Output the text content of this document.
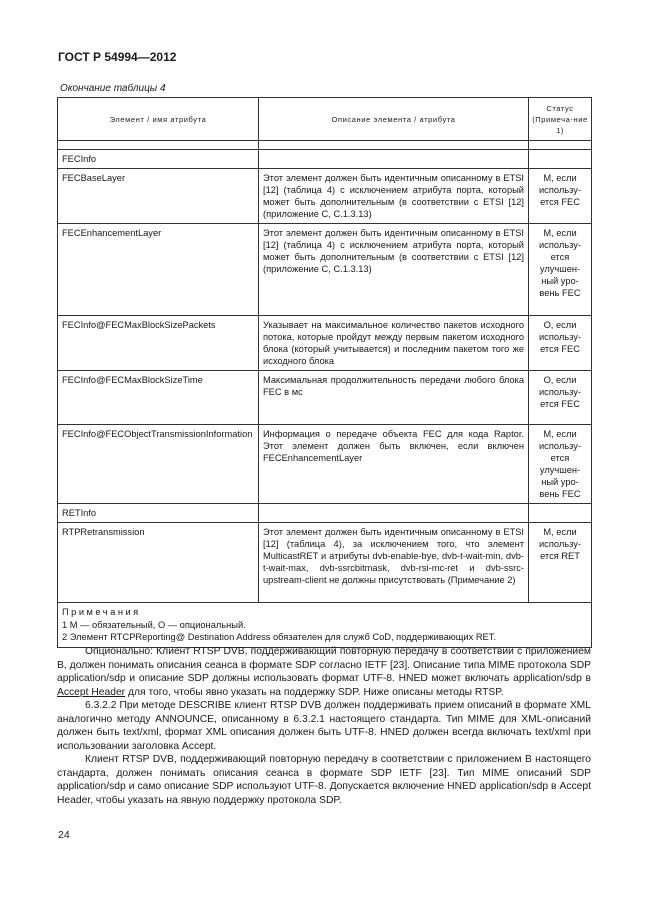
ГОСТ Р 54994—2012
Окончание таблицы 4
Элемент / имя атрибута	Описание элемента / атрибута	Статус (Примеча-ние 1)

FECInfo		
FECBaseLayer	Этот элемент должен быть идентичным описанному в ETSI [12] (таблица 4) с исключением атрибута порта, который может быть дополнительным (в соответствии с ETSI [12] (приложение С, С.1.3.13)	M, если использу-ется FEC
FECEnhancementLayer	Этот элемент должен быть идентичным описанному в ETSI [12] (таблица 4) с исключением атрибута порта, который может быть дополнительным (в соответствии с ETSI [12] (приложение С, С.1.3.13)	M, если использу-ется улучшен-ный уро-вень FEC
FECInfo@FECMaxBlockSizePackets	Указывает на максимальное количество пакетов исходного потока, которые пройдут между первым пакетом исходного блока (который учитывается) и последним пакетом того же исходного блока	О, если использу-ется FEC
FECInfo@FECMaxBlockSizeTime	Максимальная продолжительность передачи любого блока FEC в мс	О, если использу-ется FEC
FECInfo@FECObjectTransmissionInformation	Информация о передаче объекта FEC для кода Raptor. Этот элемент должен быть включен, если включен FECEnhancementLayer	M, если использу-ется улучшен-ный уро-вень FEC
RETInfo		
RTPRetransmission	Этот элемент должен быть идентичным описанному в ETSI [12] (таблица 4), за исключением того, что элемент MulticastRET и атрибуты dvb-enable-bye, dvb-t-wait-min, dvb-t-wait-max, dvb-ssrcbitmask, dvb-rsi-mc-ret и dvb-ssrc-upstream-client не должны присутствовать (Примечание 2)	M, если использу-ется RET

Примечания
1 M — обязательный, O — опциональный.
2 Элемент RTCPReporting@ Destination Address обязателен для служб CoD, поддерживающих RET.		

Опционально: Клиент RTSP DVB, поддерживающий повторную передачу в соответствии с приложением В, должен понимать описания сеанса в формате SDP согласно IETF [23]. Описание типа MIME протокола SDP application/sdp и описание SDP должны использовать формат UTF-8. HNED может включать application/sdp в Accept Header для того, чтобы явно указать на поддержку SDP. Ниже описаны методы RTSP.

6.3.2.2 При методе DESCRIBE клиент RTSP DVB должен поддерживать прием описаний в формате XML аналогично методу ANNOUNCE, описанному в 6.3.2.1 настоящего стандарта. Тип MIME для XML-описаний должен быть text/xml, формат XML описания должен быть UTF-8. HNED должен всегда включать text/xml при использовании заголовка Accept.

Клиент RTSP DVB, поддерживающий повторную передачу в соответствии с приложением В настоящего стандарта, должен понимать описания сеанса в формате SDP IETF [23]. Тип MIME описаний SDP application/sdp и само описание SDP используют UTF-8. Допускается включение HNED application/sdp в Accept Header, чтобы указать на явную поддержку протокола SDP.

24
